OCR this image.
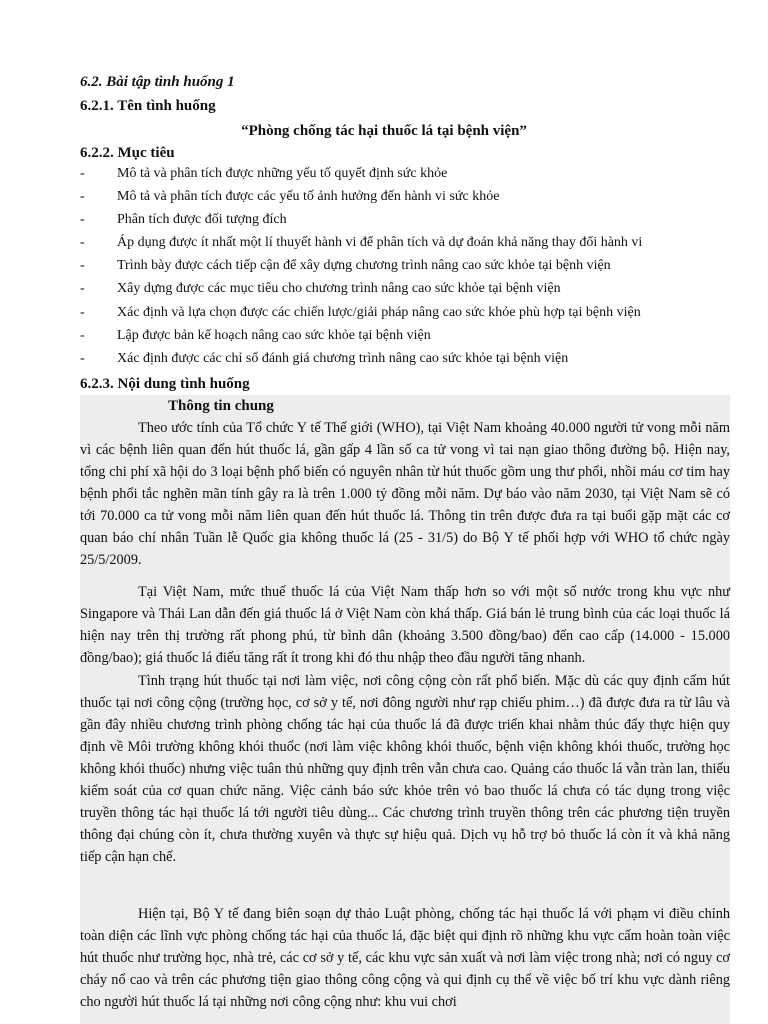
6.2. Bài tập tình huống 1

6.2.1. Tên tình huống

“Phòng chống tác hại thuốc lá tại bệnh viện”

6.2.2. Mục tiêu

- Mô tả và phân tích được những yếu tố quyết định sức khỏe
- Mô tả và phân tích được các yếu tố ảnh hưởng đến hành vi sức khỏe
- Phân tích được đối tượng đích
- Áp dụng được ít nhất một lí thuyết hành vi để phân tích và dự đoán khả năng thay đổi hành vi
- Trình bày được cách tiếp cận để xây dựng chương trình nâng cao sức khỏe tại bệnh viện
- Xây dựng được các mục tiêu cho chương trình nâng cao sức khỏe tại bệnh viện
- Xác định và lựa chọn được các chiến lược/giải pháp nâng cao sức khỏe phù hợp tại bệnh viện
- Lập được bản kế hoạch nâng cao sức khỏe tại bệnh viện
- Xác định được các chỉ số đánh giá chương trình nâng cao sức khỏe tại bệnh viện

6.2.3. Nội dung tình huống

Thông tin chung

Theo ước tính của Tổ chức Y tế Thế giới (WHO), tại Việt Nam khoảng 40.000 người tử vong mỗi năm vì các bệnh liên quan đến hút thuốc lá, gần gấp 4 lần số ca tử vong vì tai nạn giao thông đường bộ. Hiện nay, tổng chi phí xã hội do 3 loại bệnh phổ biến có nguyên nhân từ hút thuốc gồm ung thư phổi, nhồi máu cơ tim hay bệnh phổi tắc nghẽn mãn tính gây ra là trên 1.000 tỷ đồng mỗi năm. Dự báo vào năm 2030, tại Việt Nam sẽ có tới 70.000 ca tử vong mỗi năm liên quan đến hút thuốc lá. Thông tin trên được đưa ra tại buổi gặp mặt các cơ quan báo chí nhân Tuần lễ Quốc gia không thuốc lá (25 - 31/5) do Bộ Y tế phối hợp với WHO tổ chức ngày 25/5/2009.

Tại Việt Nam, mức thuế thuốc lá của Việt Nam thấp hơn so với một số nước trong khu vực như Singapore và Thái Lan dẫn đến giá thuốc lá ở Việt Nam còn khá thấp. Giá bán lẻ trung bình của các loại thuốc lá hiện nay trên thị trường rất phong phú, từ bình dân (khoảng 3.500 đồng/bao) đến cao cấp (14.000 - 15.000 đồng/bao); giá thuốc lá điếu tăng rất ít trong khi đó thu nhập theo đầu người tăng nhanh.

Tình trạng hút thuốc tại nơi làm việc, nơi công cộng còn rất phổ biến. Mặc dù các quy định cấm hút thuốc tại nơi công cộng (trường học, cơ sở y tế, nơi đông người như rạp chiếu phim…) đã được đưa ra từ lâu và gần đây nhiều chương trình phòng chống tác hại của thuốc lá đã được triển khai nhằm thúc đẩy thực hiện quy định về Môi trường không khói thuốc (nơi làm việc không khói thuốc, bệnh viện không khói thuốc, trường học không khói thuốc) nhưng việc tuân thủ những quy định trên vẫn chưa cao. Quảng cáo thuốc lá vẫn tràn lan, thiếu kiểm soát của cơ quan chức năng. Việc cảnh báo sức khỏe trên vỏ bao thuốc lá chưa có tác dụng trong việc truyền thông tác hại thuốc lá tới người tiêu dùng... Các chương trình truyền thông trên các phương tiện truyền thông đại chúng còn ít, chưa thường xuyên và thực sự hiệu quả. Dịch vụ hỗ trợ bỏ thuốc lá còn ít và khả năng tiếp cận hạn chế.

Hiện tại, Bộ Y tế đang biên soạn dự thảo Luật phòng, chống tác hại thuốc lá với phạm vi điều chỉnh toàn diện các lĩnh vực phòng chống tác hại của thuốc lá, đặc biệt qui định rõ những khu vực cấm hoàn toàn việc hút thuốc như trường học, nhà trẻ, các cơ sở y tế, các khu vực sản xuất và nơi làm việc trong nhà; nơi có nguy cơ cháy nổ cao và trên các phương tiện giao thông công cộng và qui định cụ thể về việc bố trí khu vực dành riêng cho người hút thuốc lá tại những nơi công cộng như: khu vui chơi
